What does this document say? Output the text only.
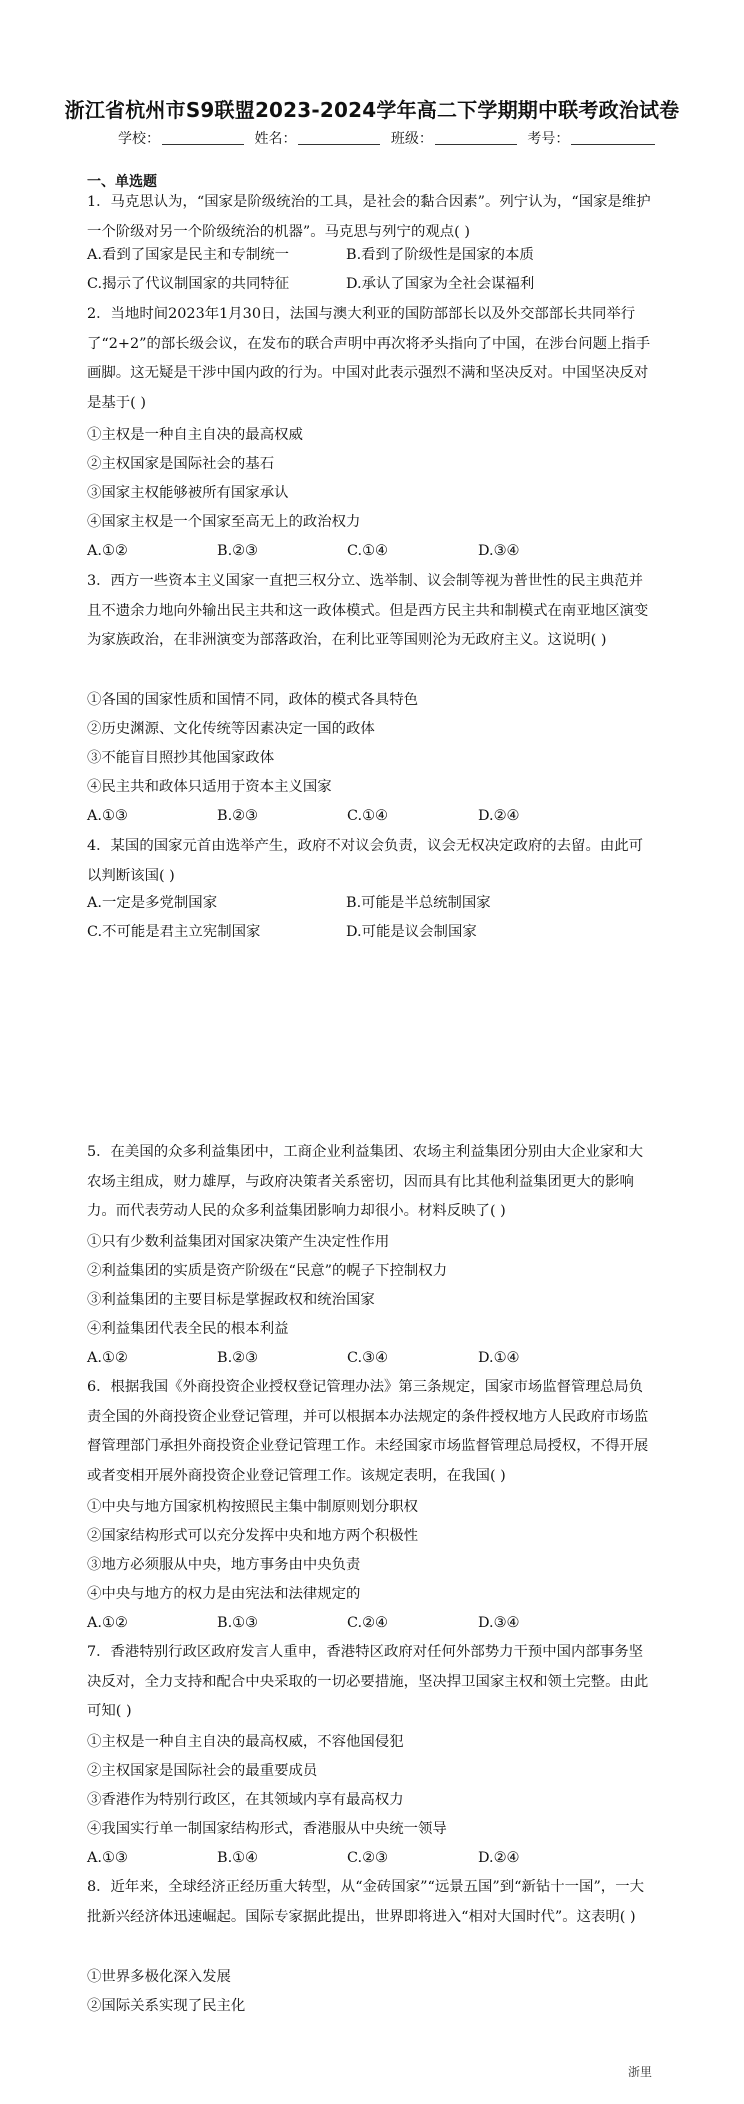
浙江省杭州市S9联盟2023-2024学年高二下学期期中联考政治试卷
学校：	姓名：	班级：	考号：
一、单选题
1．马克思认为，“国家是阶级统治的工具，是社会的黏合因素”。列宁认为，“国家是维护一个阶级对另一个阶级统治的机器”。马克思与列宁的观点( )
A.看到了国家是民主和专制统一	B.看到了阶级性是国家的本质
C.揭示了代议制国家的共同特征	D.承认了国家为全社会谋福利
2．当地时间2023年1月30日，法国与澳大利亚的国防部部长以及外交部部长共同举行了“2+2”的部长级会议，在发布的联合声明中再次将矛头指向了中国，在涉台问题上指手画脚。这无疑是干涉中国内政的行为。中国对此表示强烈不满和坚决反对。中国坚决反对是基于( )
①主权是一种自主自决的最高权威
②主权国家是国际社会的基石
③国家主权能够被所有国家承认
④国家主权是一个国家至高无上的政治权力
A.①②	B.②③	C.①④	D.③④
3．西方一些资本主义国家一直把三权分立、选举制、议会制等视为普世性的民主典范并且不遗余力地向外输出民主共和这一政体模式。但是西方民主共和制模式在南亚地区演变为家族政治，在非洲演变为部落政治，在利比亚等国则沦为无政府主义。这说明( )
①各国的国家性质和国情不同，政体的模式各具特色
②历史渊源、文化传统等因素决定一国的政体
③不能盲目照抄其他国家政体
④民主共和政体只适用于资本主义国家
A.①③	B.②③	C.①④	D.②④
4．某国的国家元首由选举产生，政府不对议会负责，议会无权决定政府的去留。由此可以判断该国( )
A.一定是多党制国家	B.可能是半总统制国家
C.不可能是君主立宪制国家	D.可能是议会制国家
5．在美国的众多利益集团中，工商企业利益集团、农场主利益集团分别由大企业家和大农场主组成，财力雄厚，与政府决策者关系密切，因而具有比其他利益集团更大的影响力。而代表劳动人民的众多利益集团影响力却很小。材料反映了( )
①只有少数利益集团对国家决策产生决定性作用
②利益集团的实质是资产阶级在“民意”的幌子下控制权力
③利益集团的主要目标是掌握政权和统治国家
④利益集团代表全民的根本利益
A.①②	B.②③	C.③④	D.①④
6．根据我国《外商投资企业授权登记管理办法》第三条规定，国家市场监督管理总局负责全国的外商投资企业登记管理，并可以根据本办法规定的条件授权地方人民政府市场监督管理部门承担外商投资企业登记管理工作。未经国家市场监督管理总局授权，不得开展或者变相开展外商投资企业登记管理工作。该规定表明，在我国( )
①中央与地方国家机构按照民主集中制原则划分职权
②国家结构形式可以充分发挥中央和地方两个积极性
③地方必须服从中央，地方事务由中央负责
④中央与地方的权力是由宪法和法律规定的
A.①②	B.①③	C.②④	D.③④
7．香港特别行政区政府发言人重申，香港特区政府对任何外部势力干预中国内部事务坚决反对，全力支持和配合中央采取的一切必要措施，坚决捍卫国家主权和领土完整。由此可知( )
①主权是一种自主自决的最高权威，不容他国侵犯
②主权国家是国际社会的最重要成员
③香港作为特别行政区，在其领域内享有最高权力
④我国实行单一制国家结构形式，香港服从中央统一领导
A.①③	B.①④	C.②③	D.②④
8．近年来，全球经济正经历重大转型，从“金砖国家”“远景五国”到“新钻十一国”，一大批新兴经济体迅速崛起。国际专家据此提出，世界即将进入“相对大国时代”。这表明( )
①世界多极化深入发展
②国际关系实现了民主化
浙里
